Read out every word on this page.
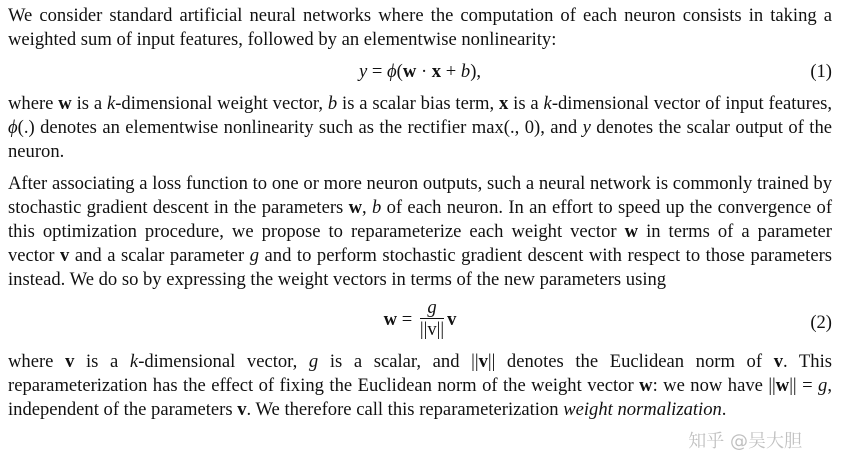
We consider standard artificial neural networks where the computation of each neuron consists in taking a weighted sum of input features, followed by an elementwise nonlinearity:

y = ϕ(w · x + b),	(1)

where w is a k-dimensional weight vector, b is a scalar bias term, x is a k-dimensional vector of input features, ϕ(.) denotes an elementwise nonlinearity such as the rectifier max(., 0), and y denotes the scalar output of the neuron.

After associating a loss function to one or more neuron outputs, such a neural network is commonly trained by stochastic gradient descent in the parameters w, b of each neuron. In an effort to speed up the convergence of this optimization procedure, we propose to reparameterize each weight vector w in terms of a parameter vector v and a scalar parameter g and to perform stochastic gradient descent with respect to those parameters instead. We do so by expressing the weight vectors in terms of the new parameters using

$w = \frac{g}{||v||}$ v	(2)

where v is a k-dimensional vector, g is a scalar, and ||v|| denotes the Euclidean norm of v. This reparameterization has the effect of fixing the Euclidean norm of the weight vector w: we now have ||w|| = g, independent of the parameters v. We therefore call this reparameterization weight normalization.

知乎 @吴大胆
